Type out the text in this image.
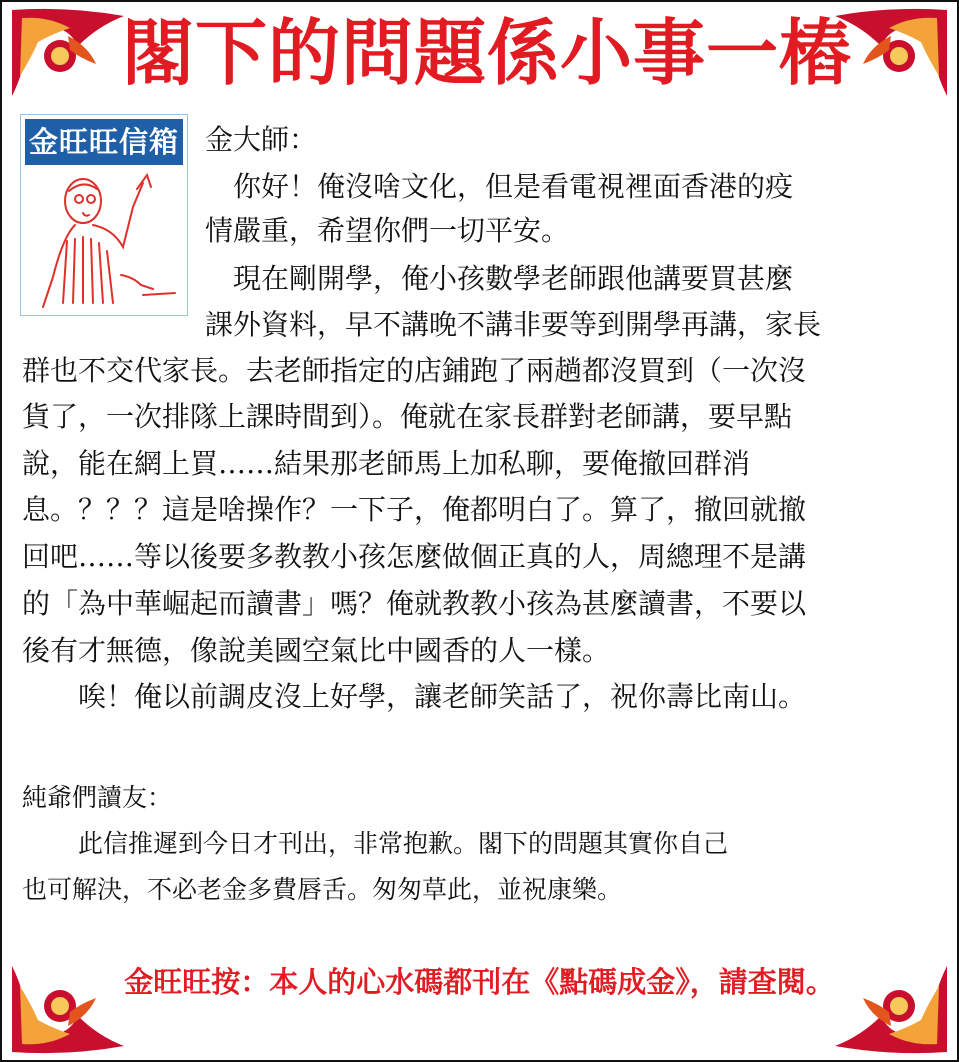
閣下的問題係小事一樁
金旺旺信箱 金大師：
你好！俺沒啥文化，但是看電視裡面香港的疫
情嚴重，希望你們一切平安。
現在剛開學，俺小孩數學老師跟他講要買甚麼
課外資料，早不講晚不講非要等到開學再講，家長
群也不交代家長。去老師指定的店鋪跑了兩趟都沒買到（一次沒
貨了，一次排隊上課時間到）。俺就在家長群對老師講，要早點
說，能在網上買……結果那老師馬上加私聊，要俺撤回群消
息。？？？這是啥操作？一下子，俺都明白了。算了，撤回就撤
回吧……等以後要多教教小孩怎麼做個正真的人，周總理不是講
的「為中華崛起而讀書」嗎？俺就教教小孩為甚麼讀書，不要以
後有才無德，像說美國空氣比中國香的人一樣。
唉！俺以前調皮沒上好學，讓老師笑話了，祝你壽比南山。
純爺們讀友：
此信推遲到今日才刊出，非常抱歉。閣下的問題其實你自己
也可解決，不必老金多費唇舌。匆匆草此，並祝康樂。
金旺旺按：本人的心水碼都刊在《點碼成金》，請查閱。
